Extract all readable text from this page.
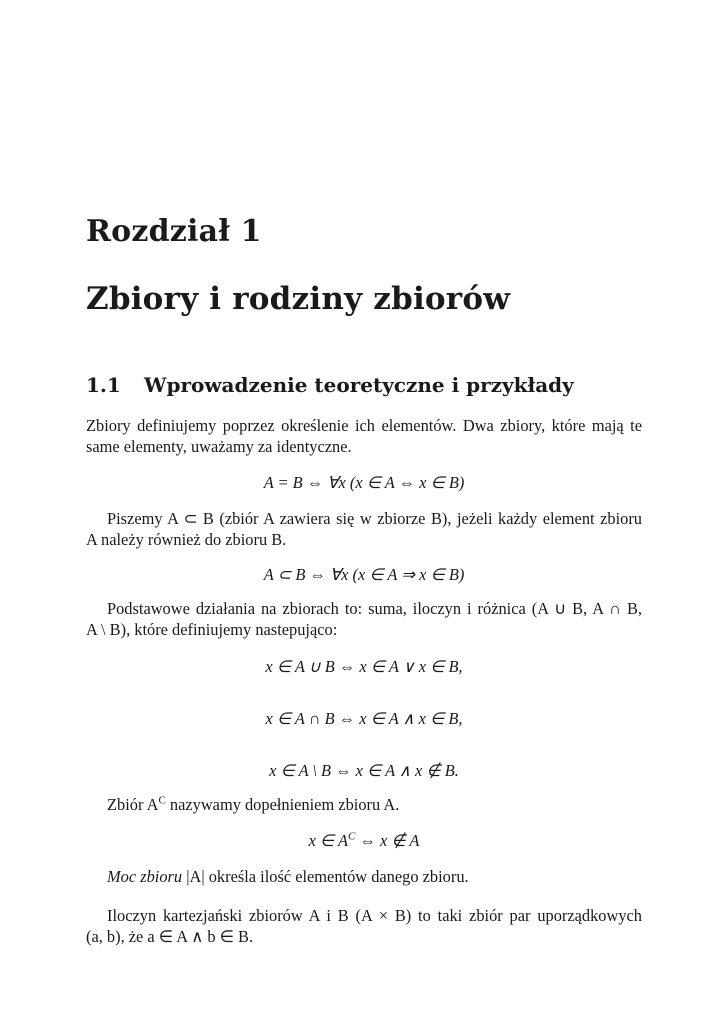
Rozdział 1
Zbiory i rodziny zbiorów
1.1 Wprowadzenie teoretyczne i przykłady
Zbiory definiujemy poprzez określenie ich elementów. Dwa zbiory, które mają te
same elementy, uważamy za identyczne.
A = B ⇔ ∀x (x ∈ A ⇔ x ∈ B)
Piszemy A ⊂ B (zbiór A zawiera się w zbiorze B), jeżeli każdy element zbioru
A należy również do zbioru B.
A ⊂ B ⇔ ∀x (x ∈ A ⇒ x ∈ B)
Podstawowe działania na zbiorach to: suma, iloczyn i różnica (A ∪ B, A ∩ B,
A \ B), które definiujemy nastepująco:
x ∈ A ∪ B ⇔ x ∈ A ∨ x ∈ B,
x ∈ A ∩ B ⇔ x ∈ A ∧ x ∈ B,
x ∈ A \ B ⇔ x ∈ A ∧ x ∉ B.
Zbiór $A^C$ nazywamy dopełnieniem zbioru A.
x ∈ $A^C$ ⇔ x ∉ A
Moc zbioru |A| określa ilość elementów danego zbioru.
Iloczyn kartezjański zbiorów A i B (A × B) to taki zbiór par uporządkowych
(a, b), że a ∈ A ∧ b ∈ B.
